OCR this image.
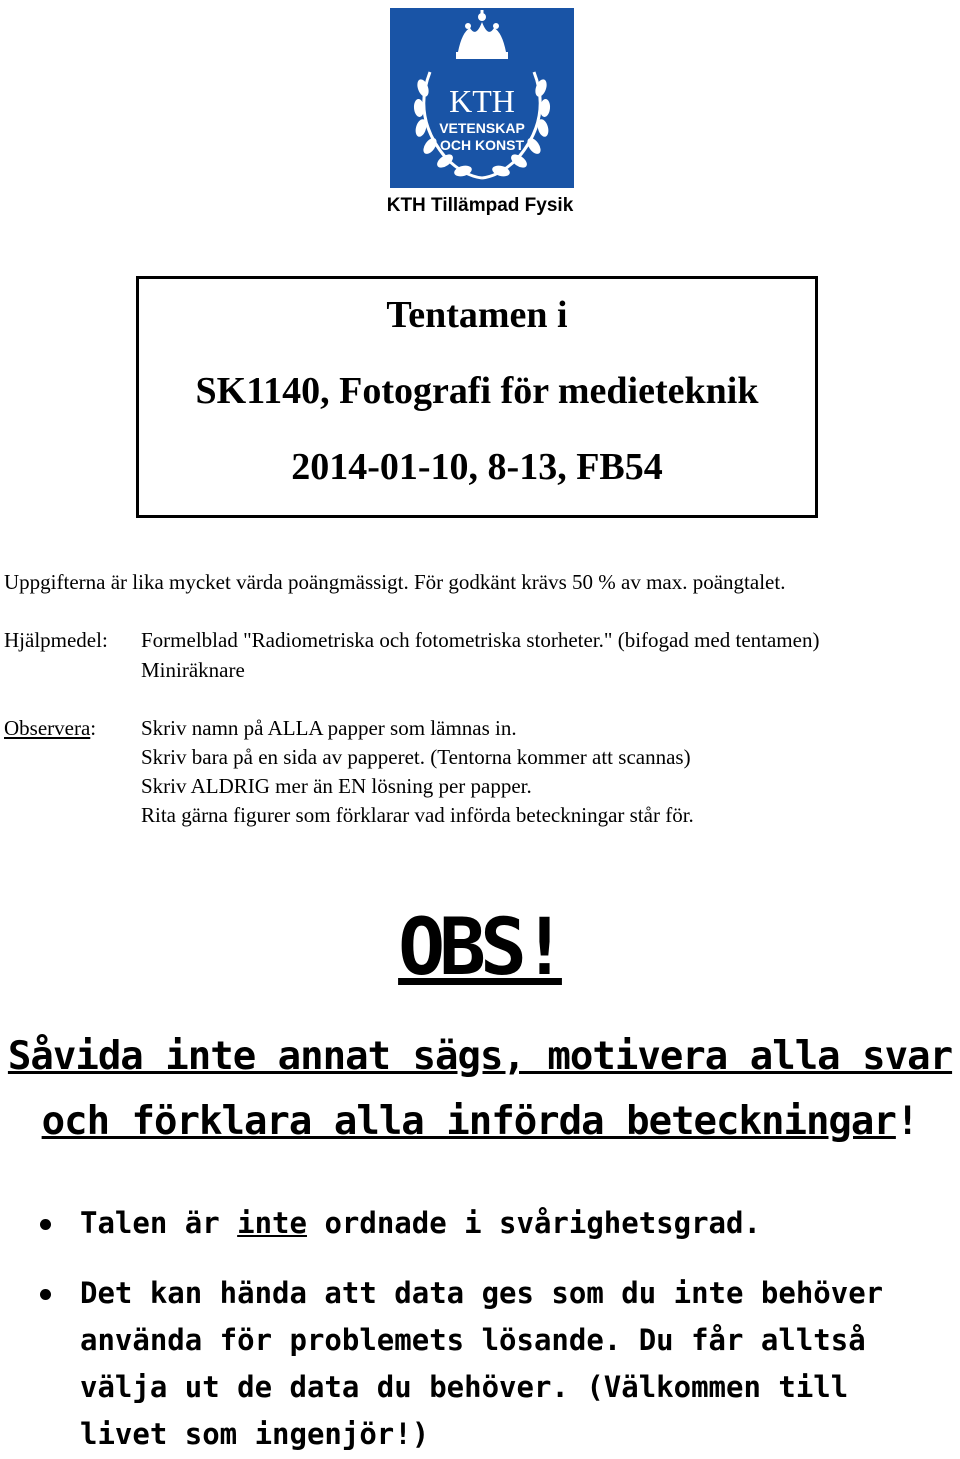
KTH
VETENSKAP
OCH KONST
KTH Tillämpad Fysik
Tentamen i
SK1140, Fotografi för medieteknik
2014-01-10, 8-13, FB54
Uppgifterna är lika mycket värda poängmässigt. För godkänt krävs 50 % av max. poängtalet.
Hjälpmedel: Formelblad "Radiometriska och fotometriska storheter." (bifogad med tentamen)
Miniräknare
Observera: Skriv namn på ALLA papper som lämnas in.
Skriv bara på en sida av papperet. (Tentorna kommer att scannas)
Skriv ALDRIG mer än EN lösning per papper.
Rita gärna figurer som förklarar vad införda beteckningar står för.
OBS!
Såvida inte annat sägs, motivera alla svar
och förklara alla införda beteckningar!
Talen är inte ordnade i svårighetsgrad.
Det kan hända att data ges som du inte behöver använda för problemets lösande. Du får alltså välja ut de data du behöver. (Välkommen till livet som ingenjör!)
